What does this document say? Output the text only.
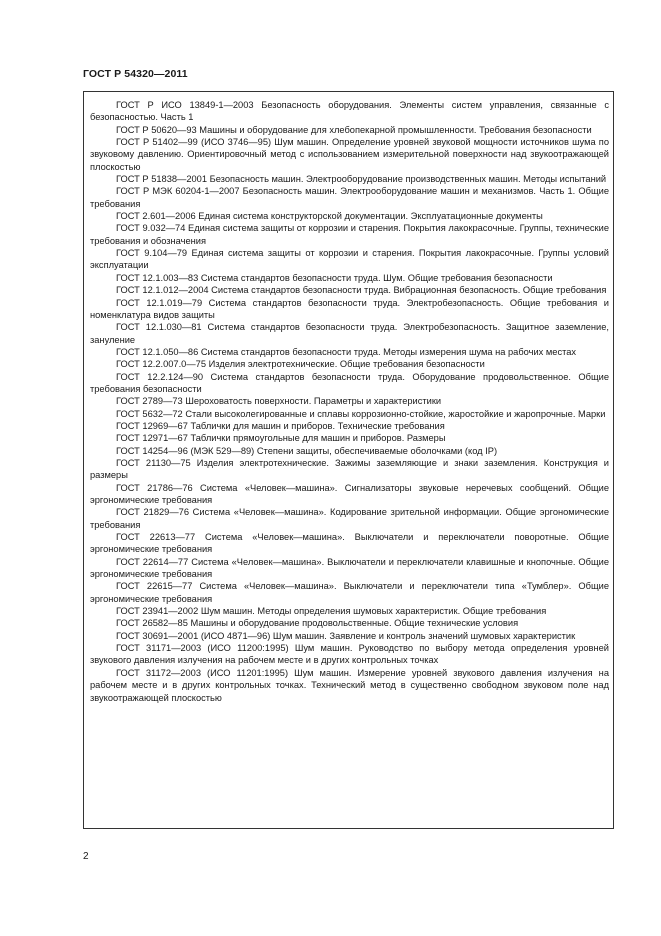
ГОСТ Р 54320—2011

ГОСТ Р ИСО 13849-1—2003 Безопасность оборудования. Элементы систем управления, связанные с безопасностью. Часть 1

ГОСТ Р 50620—93 Машины и оборудование для хлебопекарной промышленности. Требования безопасности

ГОСТ Р 51402—99 (ИСО 3746—95) Шум машин. Определение уровней звуковой мощности источников шума по звуковому давлению. Ориентировочный метод с использованием измерительной поверхности над звукоотражающей плоскостью

ГОСТ Р 51838—2001 Безопасность машин. Электрооборудование производственных машин. Методы испытаний

ГОСТ Р МЭК 60204-1—2007 Безопасность машин. Электрооборудование машин и механизмов. Часть 1. Общие требования

ГОСТ 2.601—2006 Единая система конструкторской документации. Эксплуатационные документы

ГОСТ 9.032—74 Единая система защиты от коррозии и старения. Покрытия лакокрасочные. Группы, технические требования и обозначения

ГОСТ 9.104—79 Единая система защиты от коррозии и старения. Покрытия лакокрасочные. Группы условий эксплуатации

ГОСТ 12.1.003—83 Система стандартов безопасности труда. Шум. Общие требования безопасности

ГОСТ 12.1.012—2004 Система стандартов безопасности труда. Вибрационная безопасность. Общие требования

ГОСТ 12.1.019—79 Система стандартов безопасности труда. Электробезопасность. Общие требования и номенклатура видов защиты

ГОСТ 12.1.030—81 Система стандартов безопасности труда. Электробезопасность. Защитное заземление, зануление

ГОСТ 12.1.050—86 Система стандартов безопасности труда. Методы измерения шума на рабочих местах

ГОСТ 12.2.007.0—75 Изделия электротехнические. Общие требования безопасности

ГОСТ 12.2.124—90 Система стандартов безопасности труда. Оборудование продовольственное. Общие требования безопасности

ГОСТ 2789—73 Шероховатость поверхности. Параметры и характеристики

ГОСТ 5632—72 Стали высоколегированные и сплавы коррозионно-стойкие, жаростойкие и жаропрочные. Марки

ГОСТ 12969—67 Таблички для машин и приборов. Технические требования

ГОСТ 12971—67 Таблички прямоугольные для машин и приборов. Размеры

ГОСТ 14254—96 (МЭК 529—89) Степени защиты, обеспечиваемые оболочками (код IP)

ГОСТ 21130—75 Изделия электротехнические. Зажимы заземляющие и знаки заземления. Конструкция и размеры

ГОСТ 21786—76 Система «Человек—машина». Сигнализаторы звуковые неречевых сообщений. Общие эргономические требования

ГОСТ 21829—76 Система «Человек—машина». Кодирование зрительной информации. Общие эргономические требования

ГОСТ 22613—77 Система «Человек—машина». Выключатели и переключатели поворотные. Общие эргономические требования

ГОСТ 22614—77 Система «Человек—машина». Выключатели и переключатели клавишные и кнопочные. Общие эргономические требования

ГОСТ 22615—77 Система «Человек—машина». Выключатели и переключатели типа «Тумблер». Общие эргономические требования

ГОСТ 23941—2002 Шум машин. Методы определения шумовых характеристик. Общие требования

ГОСТ 26582—85 Машины и оборудование продовольственные. Общие технические условия

ГОСТ 30691—2001 (ИСО 4871—96) Шум машин. Заявление и контроль значений шумовых характеристик

ГОСТ 31171—2003 (ИСО 11200:1995) Шум машин. Руководство по выбору метода определения уровней звукового давления излучения на рабочем месте и в других контрольных точках

ГОСТ 31172—2003 (ИСО 11201:1995) Шум машин. Измерение уровней звукового давления излучения на рабочем месте и в других контрольных точках. Технический метод в существенно свободном звуковом поле над звукоотражающей плоскостью

2
